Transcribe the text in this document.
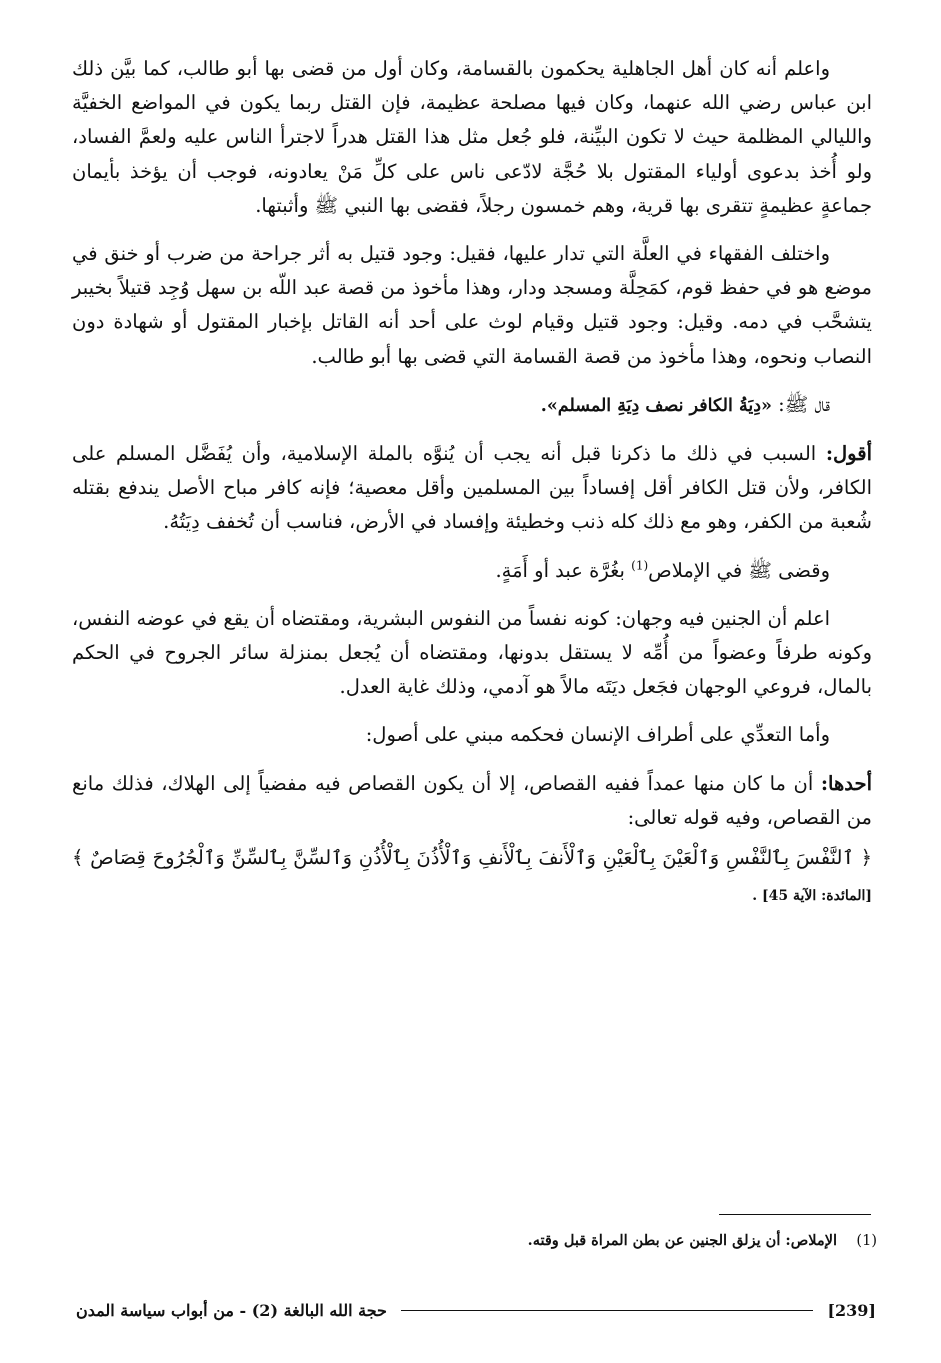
واعلم أنه كان أهل الجاهلية يحكمون بالقسامة، وكان أول من قضى بها أبو طالب، كما بيَّن ذلك ابن عباس رضي الله عنهما، وكان فيها مصلحة عظيمة، فإن القتل ربما يكون في المواضع الخفيَّة والليالي المظلمة حيث لا تكون البيِّنة، فلو جُعل مثل هذا القتل هدراً لاجترأ الناس عليه ولعمَّ الفساد، ولو أُخذ بدعوى أولياء المقتول بلا حُجَّة لادّعى ناس على كلِّ مَنْ يعادونه، فوجب أن يؤخذ بأيمان جماعةٍ عظيمةٍ تتقرى بها قرية، وهم خمسون رجلاً، فقضى بها النبي ﷺ وأثبتها.

واختلف الفقهاء في العلَّة التي تدار عليها، فقيل: وجود قتيل به أثر جراحة من ضرب أو خنق في موضع هو في حفظ قوم، كمَحِلَّة ومسجد ودار، وهذا مأخوذ من قصة عبد اللّه بن سهل وُجِد قتيلاً بخيبر يتشحَّب في دمه. وقيل: وجود قتيل وقيام لوث على أحد أنه القاتل بإخبار المقتول أو شهادة دون النصاب ونحوه، وهذا مأخوذ من قصة القسامة التي قضى بها أبو طالب.

قال ﷺ: «دِيَةُ الكافر نصف دِيَةِ المسلم».

أقول: السبب في ذلك ما ذكرنا قبل أنه يجب أن يُنوَّه بالملة الإسلامية، وأن يُفَضَّل المسلم على الكافر، ولأن قتل الكافر أقل إفساداً بين المسلمين وأقل معصية؛ فإنه كافر مباح الأصل يندفع بقتله شُعبة من الكفر، وهو مع ذلك كله ذنب وخطيئة وإفساد في الأرض، فناسب أن تُخفف دِيَتُهُ.

وقضى ﷺ في الإملاص$^{(1)}$ بغُرَّة عبد أو أَمَةٍ.

اعلم أن الجنين فيه وجهان: كونه نفساً من النفوس البشرية، ومقتضاه أن يقع في عوضه النفس، وكونه طرفاً وعضواً من أُمِّه لا يستقل بدونها، ومقتضاه أن يُجعل بمنزلة سائر الجروح في الحكم بالمال، فروعي الوجهان فجَعل ديَتَه مالاً هو آدمي، وذلك غاية العدل.

وأما التعدِّي على أطراف الإنسان فحكمه مبني على أصول:

أحدها: أن ما كان منها عمداً ففيه القصاص، إلا أن يكون القصاص فيه مفضياً إلى الهلاك، فذلك مانع من القصاص، وفيه قوله تعالى:

﴿ ٱلنَّفْسَ بِٱلنَّفْسِ وَٱلْعَيْنَ بِٱلْعَيْنِ وَٱلْأَنفَ بِٱلْأَنفِ وَٱلْأُذُنَ بِٱلْأُذُنِ وَٱلسِّنَّ بِٱلسِّنِّ وَٱلْجُرُوحَ قِصَاصٌ ﴾ [المائدة: الآية 45] .

(1)الإملاص: أن يزلق الجنين عن بطن المراة قبل وقته.
حجة الله البالغة (2) - من أبواب سياسة المدن	[239]
